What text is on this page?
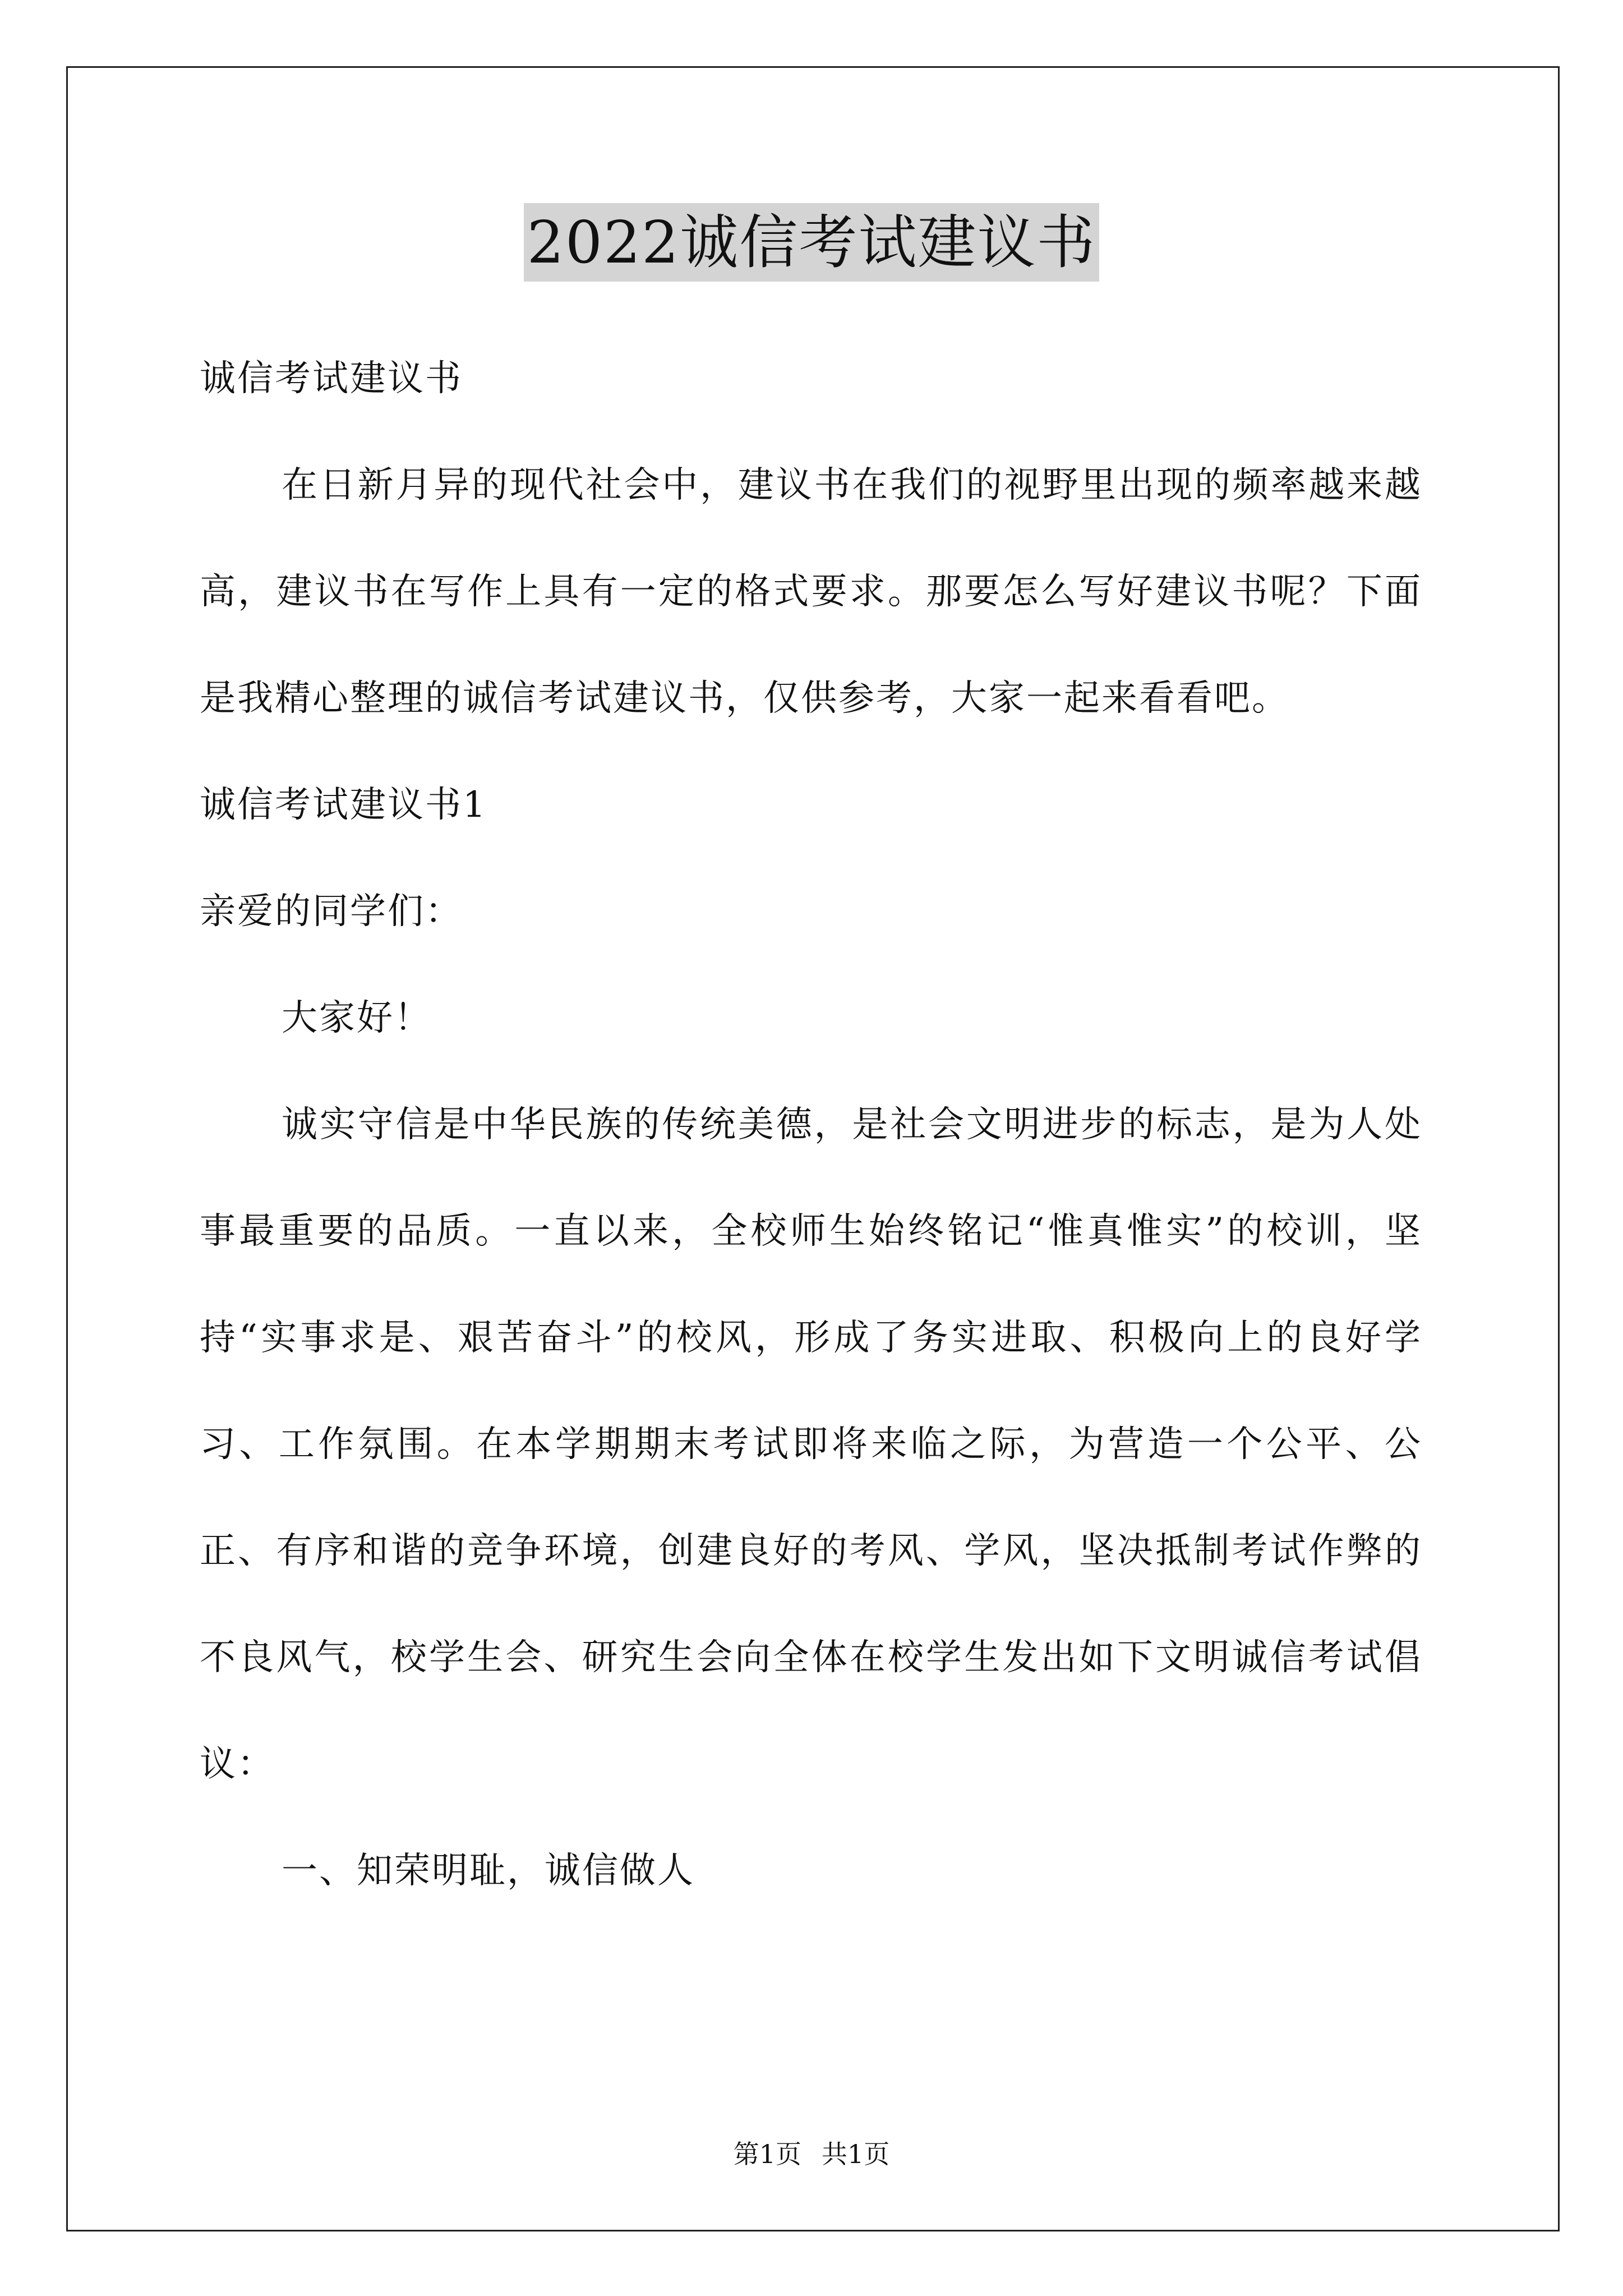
2022诚信考试建议书
诚信考试建议书
在日新月异的现代社会中，建议书在我们的视野里出现的频率越来越高，建议书在写作上具有一定的格式要求。那要怎么写好建议书呢？下面是我精心整理的诚信考试建议书，仅供参考，大家一起来看看吧。
诚信考试建议书1
亲爱的同学们：
大家好！
诚实守信是中华民族的传统美德，是社会文明进步的标志，是为人处事最重要的品质。一直以来，全校师生始终铭记“惟真惟实”的校训，坚持“实事求是、艰苦奋斗”的校风，形成了务实进取、积极向上的良好学习、工作氛围。在本学期期末考试即将来临之际，为营造一个公平、公正、有序和谐的竞争环境，创建良好的考风、学风，坚决抵制考试作弊的不良风气，校学生会、研究生会向全体在校学生发出如下文明诚信考试倡议：
一、知荣明耻，诚信做人
第1页 共1页
